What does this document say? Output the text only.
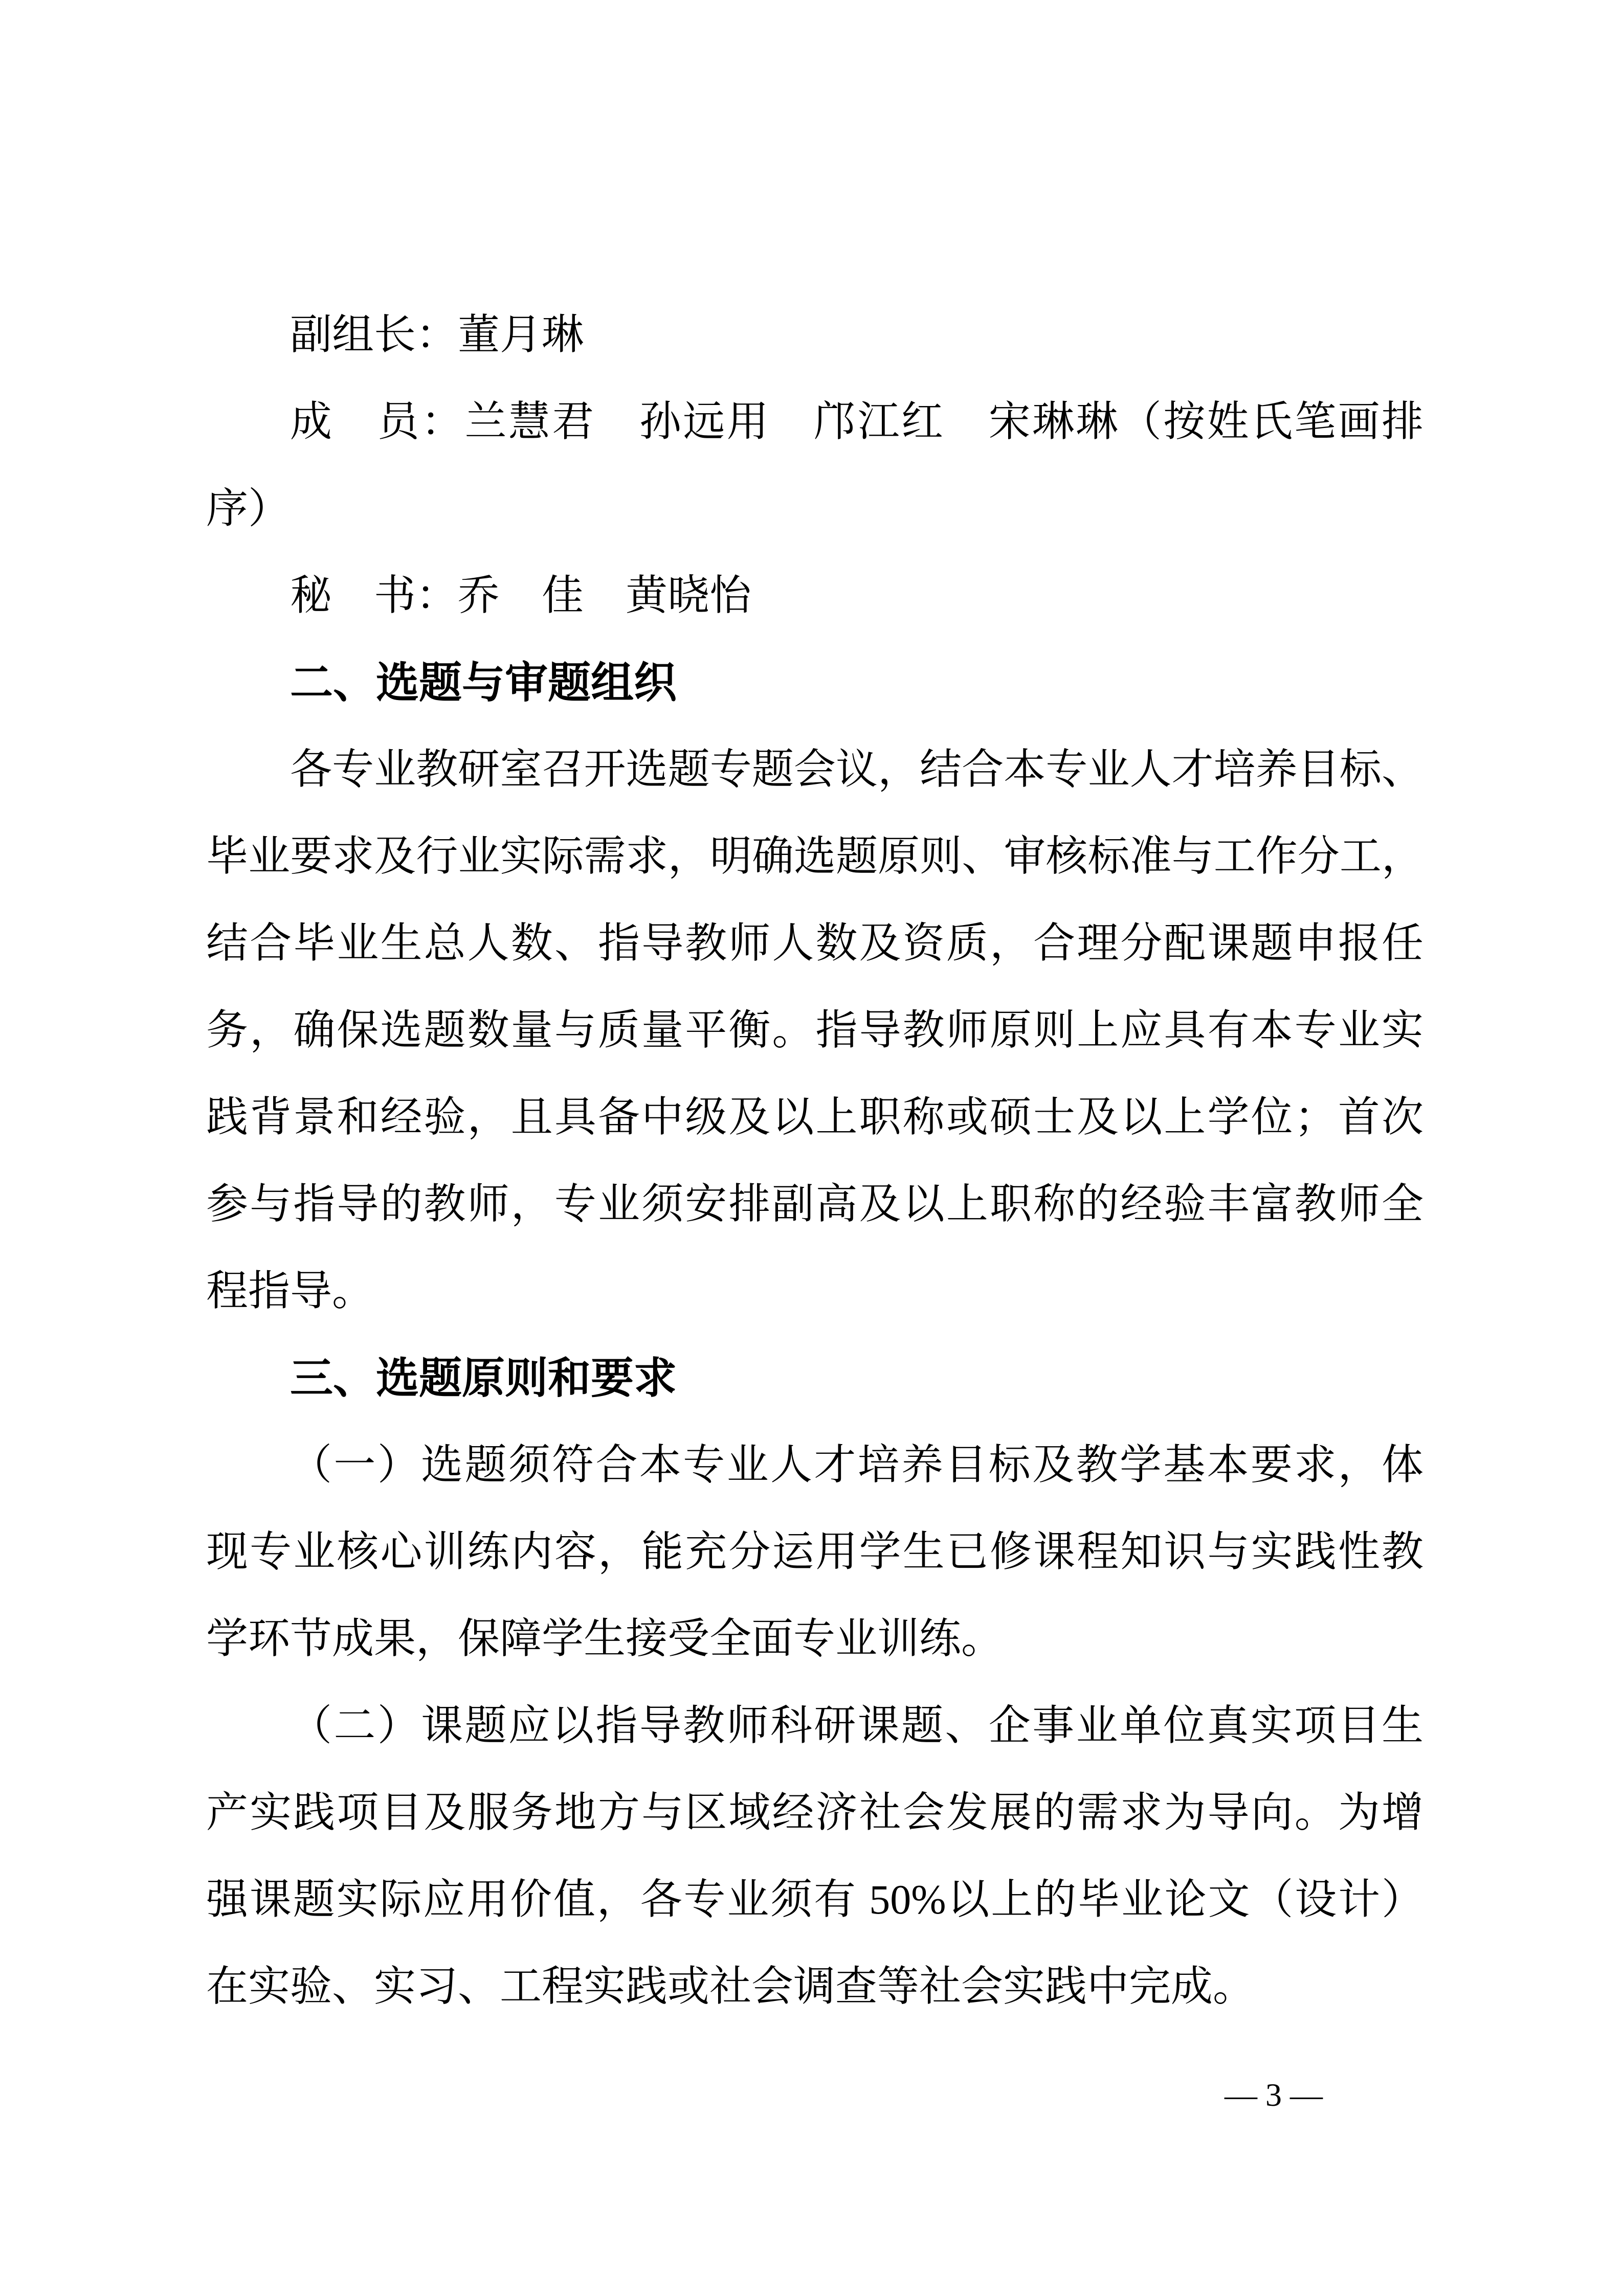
副组长：董月琳

成　员：兰慧君　孙远用　邝江红　宋琳琳（按姓氏笔画排

序）

秘　书：乔　佳　黄晓怡

二、选题与审题组织

各专业教研室召开选题专题会议，结合本专业人才培养目标、

毕业要求及行业实际需求，明确选题原则、审核标准与工作分工，

结合毕业生总人数、指导教师人数及资质，合理分配课题申报任

务，确保选题数量与质量平衡。指导教师原则上应具有本专业实

践背景和经验，且具备中级及以上职称或硕士及以上学位；首次

参与指导的教师，专业须安排副高及以上职称的经验丰富教师全

程指导。

三、选题原则和要求

（一）选题须符合本专业人才培养目标及教学基本要求，体

现专业核心训练内容，能充分运用学生已修课程知识与实践性教

学环节成果，保障学生接受全面专业训练。

（二）课题应以指导教师科研课题、企事业单位真实项目生

产实践项目及服务地方与区域经济社会发展的需求为导向。为增

强课题实际应用价值，各专业须有 50%以上的毕业论文（设计）

在实验、实习、工程实践或社会调查等社会实践中完成。

— 3 —
